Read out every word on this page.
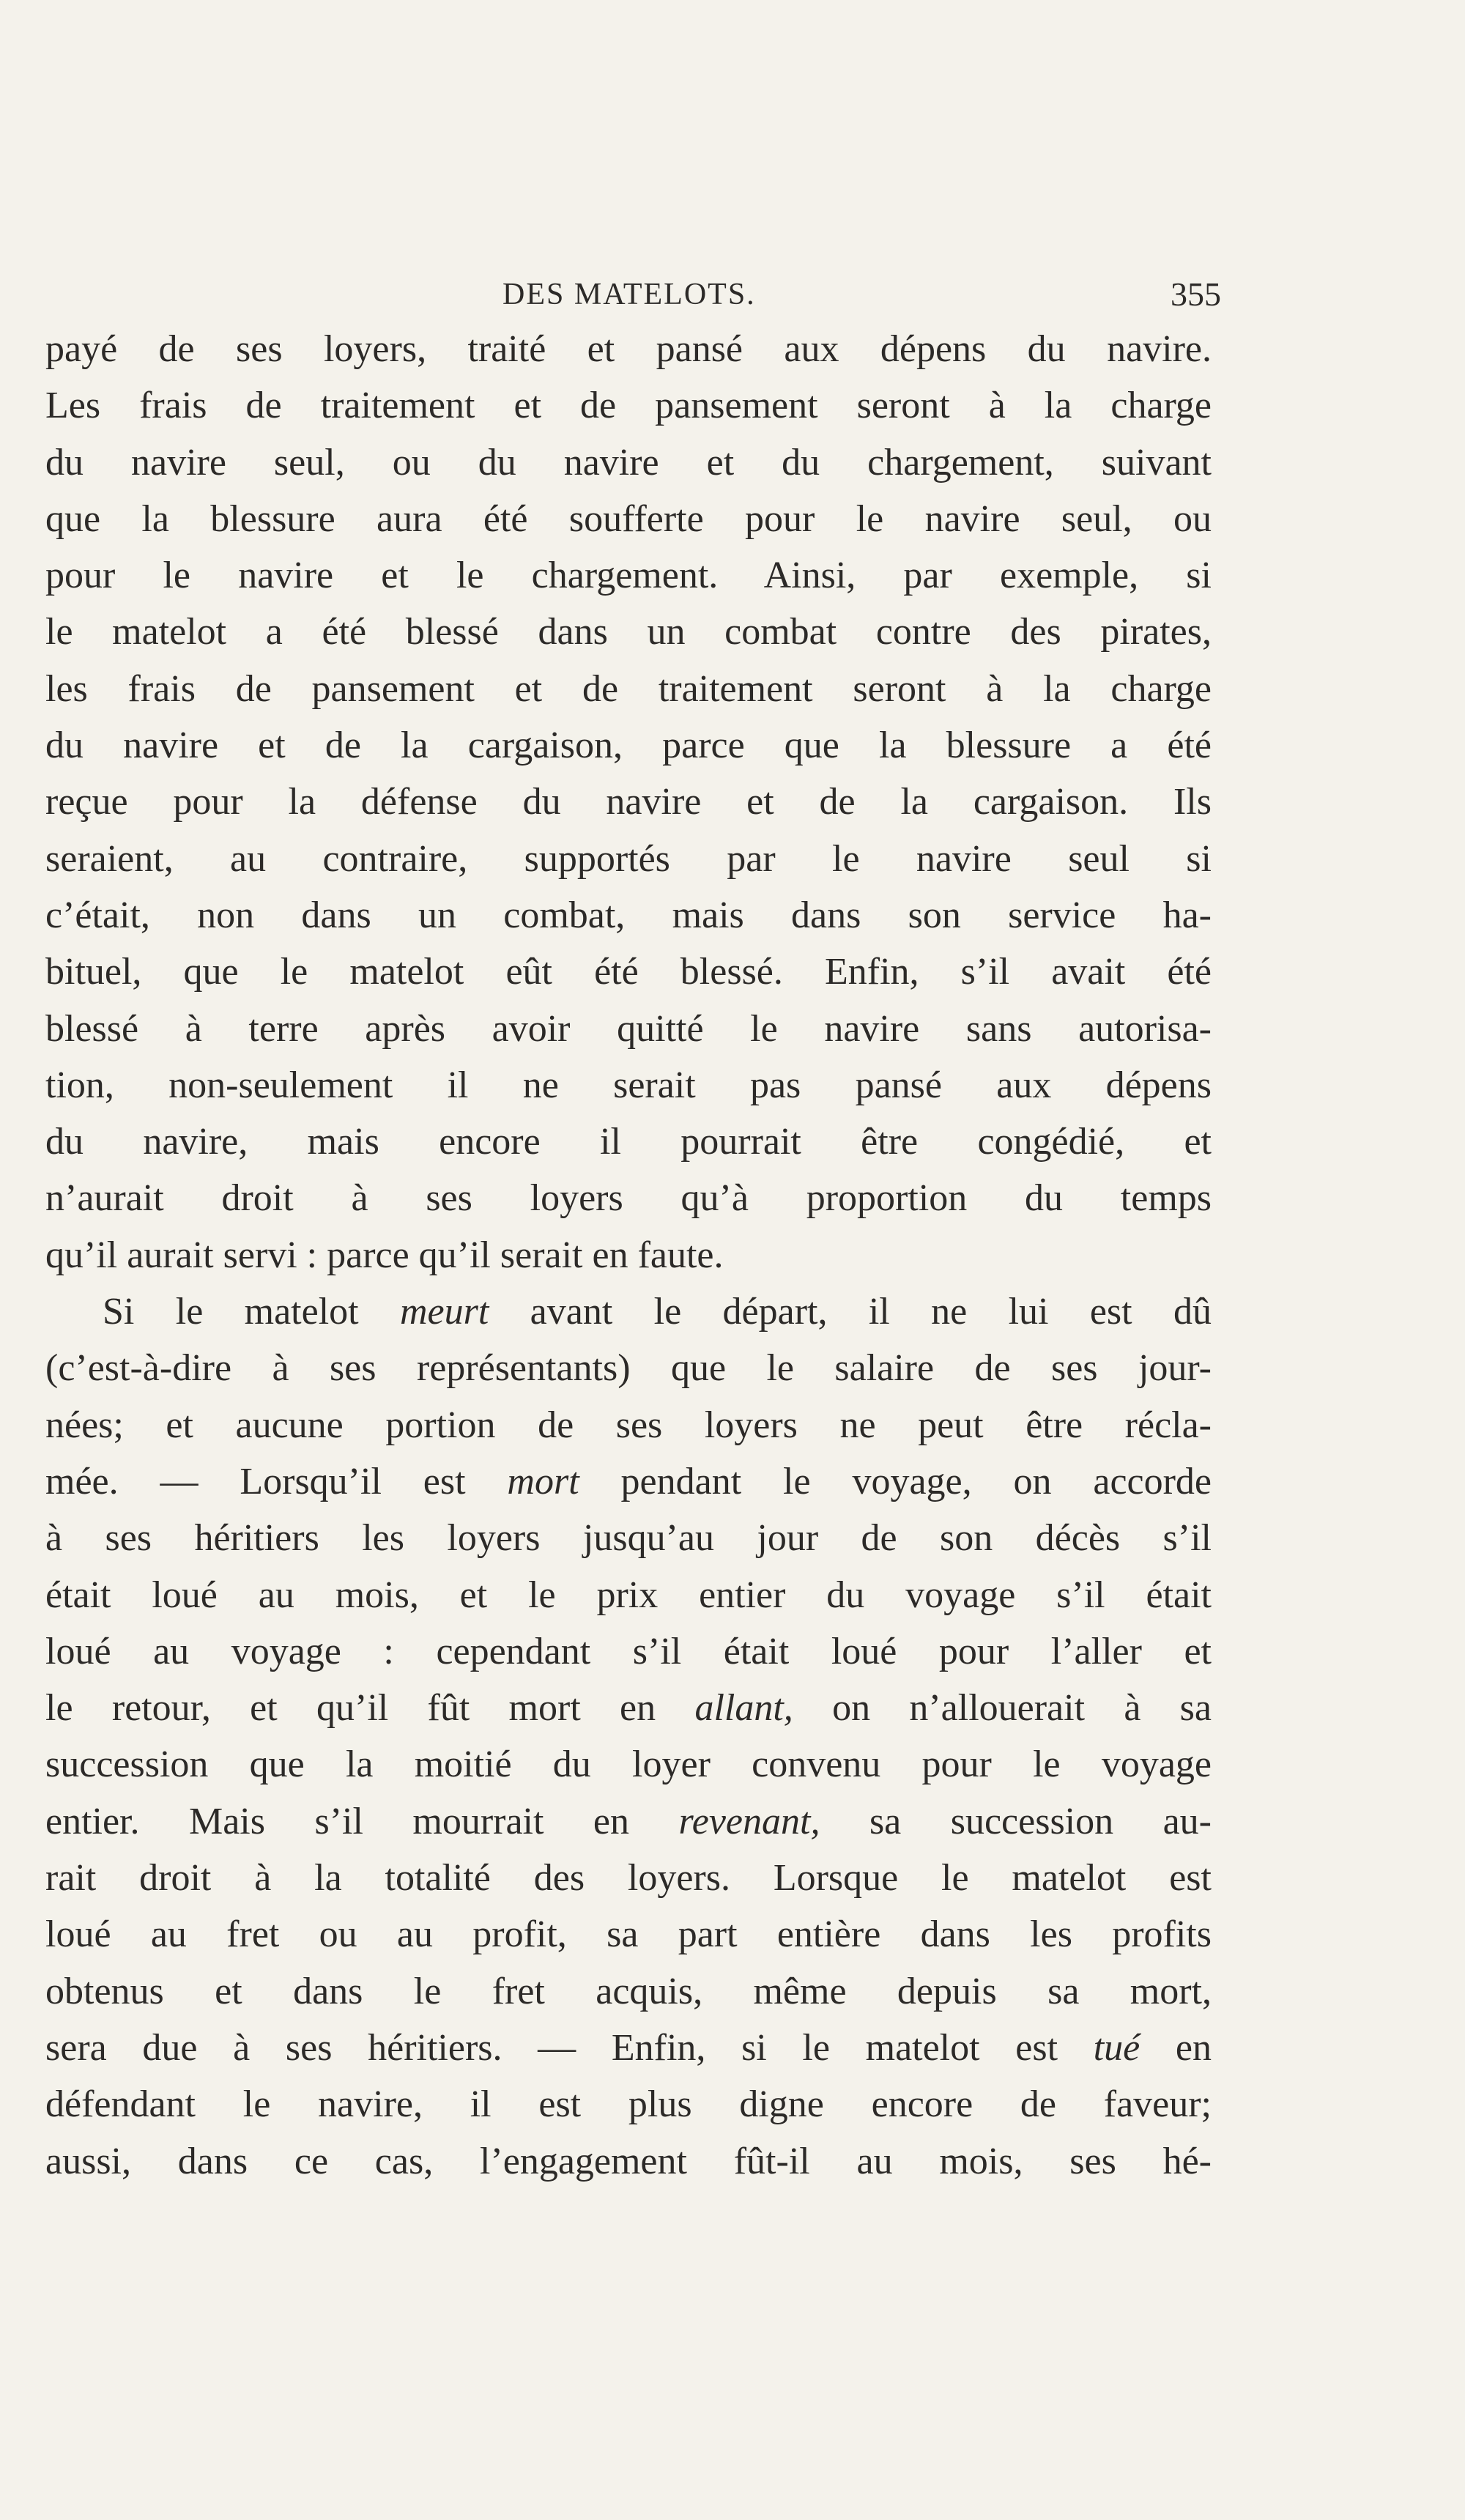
DES MATELOTS.	355
payé de ses loyers, traité et pansé aux dépens du navire.
Les frais de traitement et de pansement seront à la charge
du navire seul, ou du navire et du chargement, suivant
que la blessure aura été soufferte pour le navire seul, ou
pour le navire et le chargement. Ainsi, par exemple, si
le matelot a été blessé dans un combat contre des pirates,
les frais de pansement et de traitement seront à la charge
du navire et de la cargaison, parce que la blessure a été
reçue pour la défense du navire et de la cargaison. Ils
seraient, au contraire, supportés par le navire seul si
c’était, non dans un combat, mais dans son service ha-
bituel, que le matelot eût été blessé. Enfin, s’il avait été
blessé à terre après avoir quitté le navire sans autorisa-
tion, non-seulement il ne serait pas pansé aux dépens
du navire, mais encore il pourrait être congédié, et
n’aurait droit à ses loyers qu’à proportion du temps
qu’il aurait servi : parce qu’il serait en faute.
Si le matelot meurt avant le départ, il ne lui est dû
(c’est-à-dire à ses représentants) que le salaire de ses jour-
nées; et aucune portion de ses loyers ne peut être récla-
mée. — Lorsqu’il est mort pendant le voyage, on accorde
à ses héritiers les loyers jusqu’au jour de son décès s’il
était loué au mois, et le prix entier du voyage s’il était
loué au voyage : cependant s’il était loué pour l’aller et
le retour, et qu’il fût mort en allant, on n’allouerait à sa
succession que la moitié du loyer convenu pour le voyage
entier. Mais s’il mourrait en revenant, sa succession au-
rait droit à la totalité des loyers. Lorsque le matelot est
loué au fret ou au profit, sa part entière dans les profits
obtenus et dans le fret acquis, même depuis sa mort,
sera due à ses héritiers. — Enfin, si le matelot est tué en
défendant le navire, il est plus digne encore de faveur;
aussi, dans ce cas, l’engagement fût-il au mois, ses hé-
